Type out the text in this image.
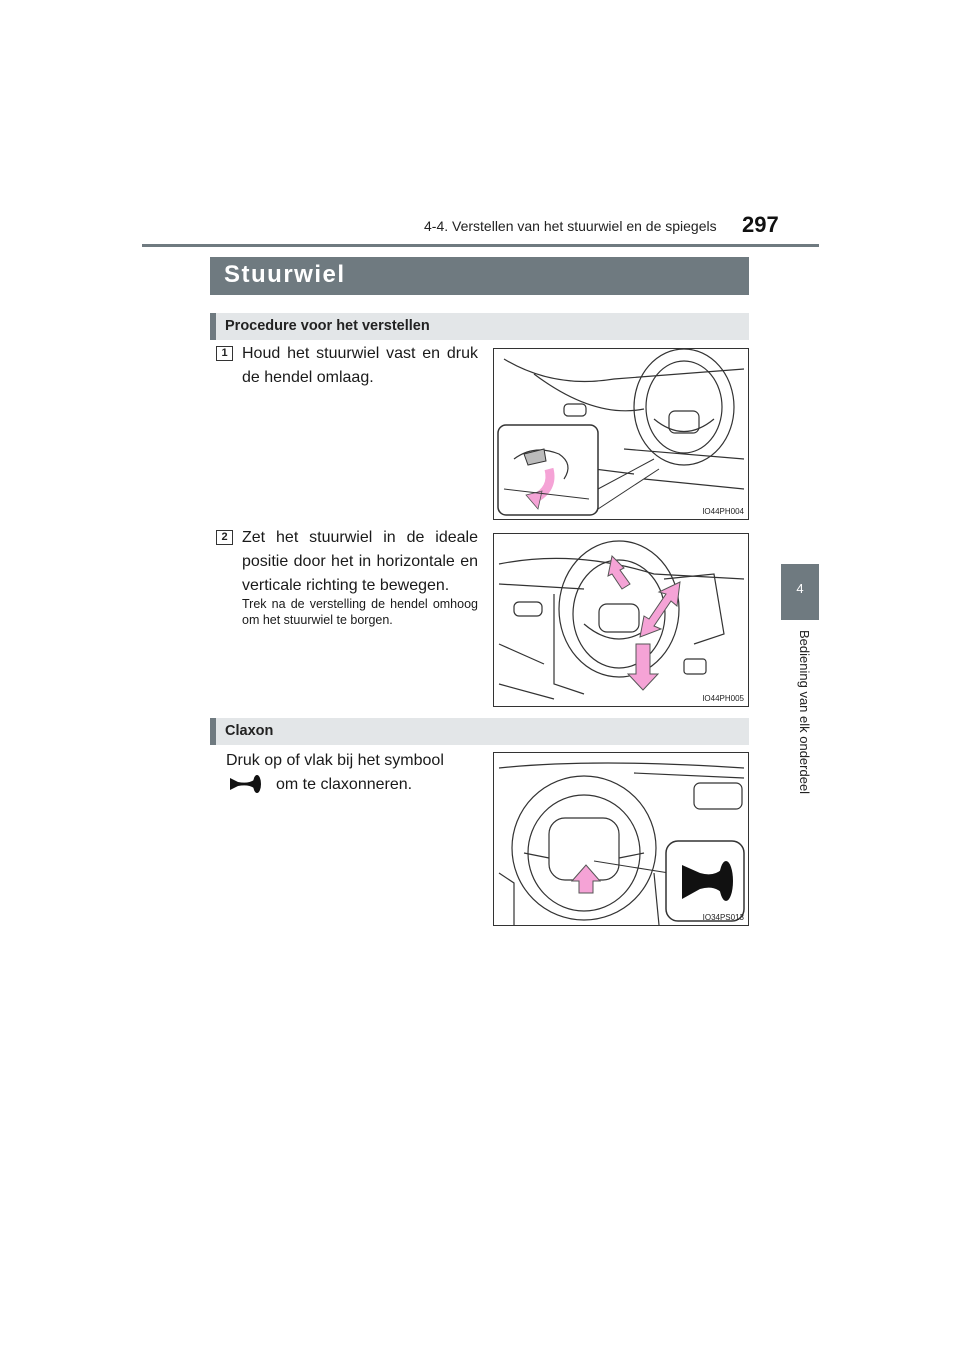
4-4. Verstellen van het stuurwiel en de spiegels 297
4
Bediening van elk onderdeel
Stuurwiel
Procedure voor het verstellen
1 Houd het stuurwiel vast en druk de hendel omlaag.
IO44PH004
2 Zet het stuurwiel in de ideale positie door het in horizontale en verticale richting te bewegen.
Trek na de verstelling de hendel omhoog om het stuurwiel te borgen.
IO44PH005
Claxon
Druk op of vlak bij het symbool
om te claxonneren.
IO34PS013
